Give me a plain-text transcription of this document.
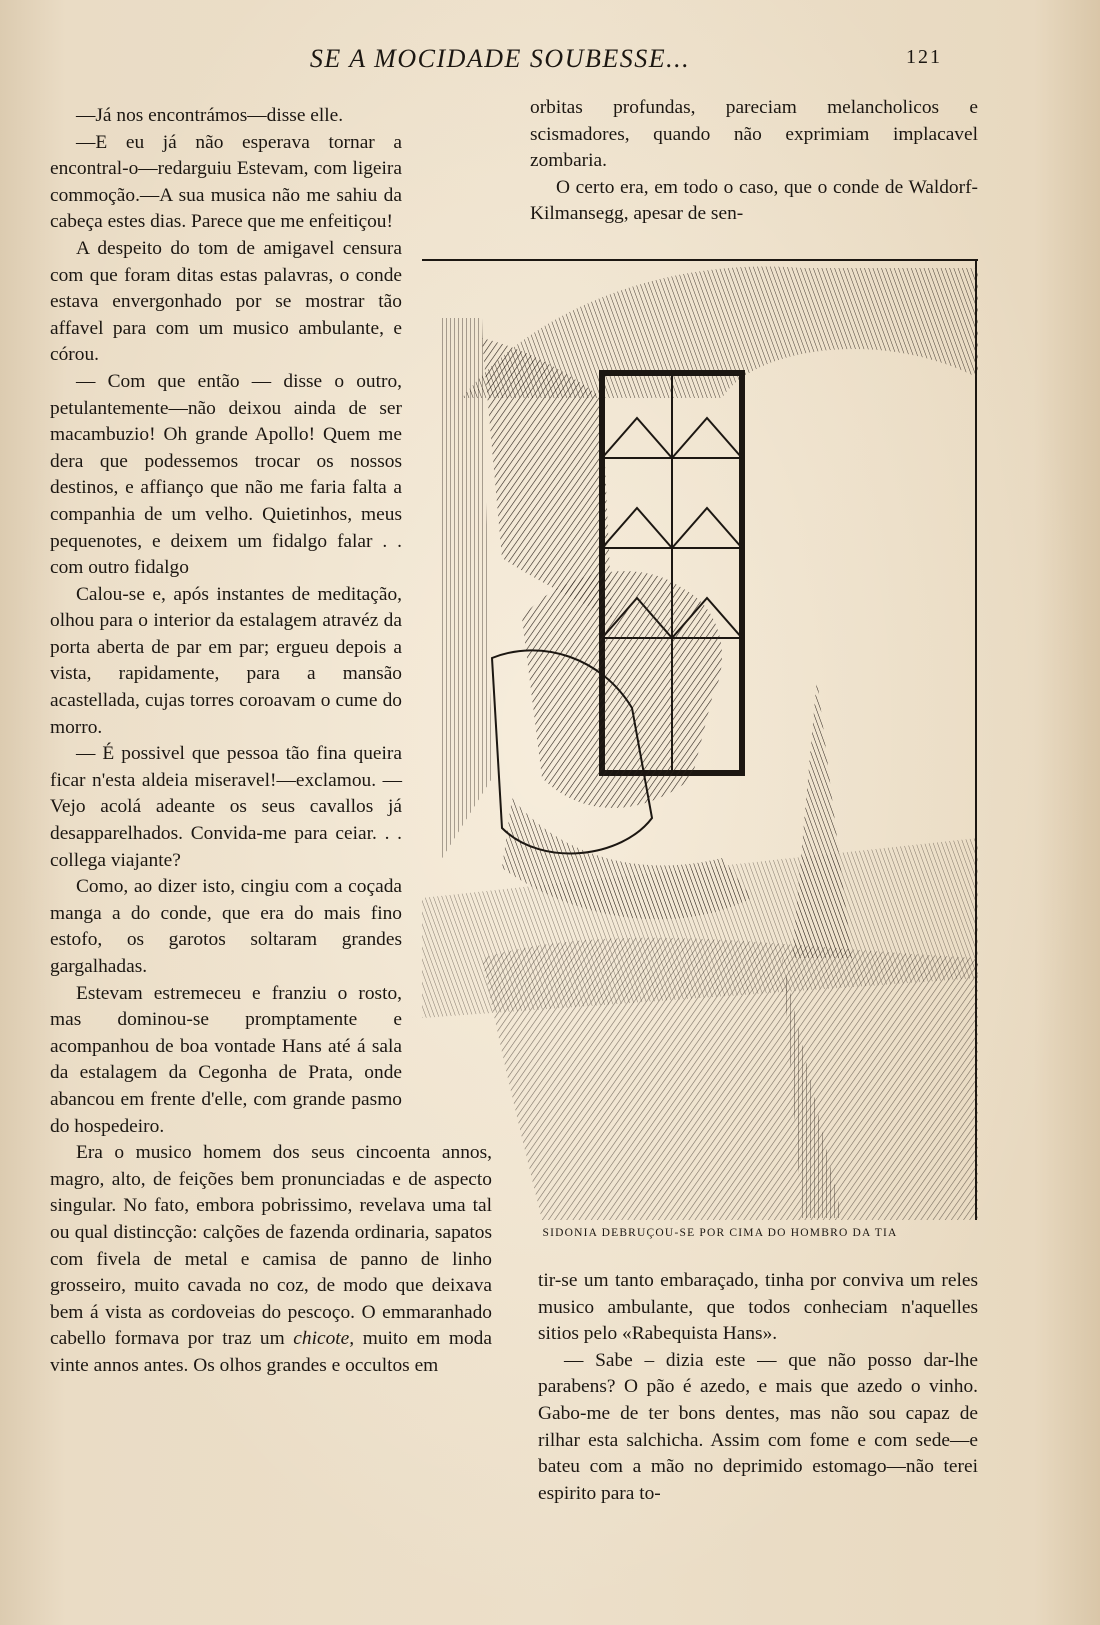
SE A MOCIDADE SOUBESSE...	121

—Já nos encontrámos—disse elle.

—E eu já não esperava tornar a encontral-o—redarguiu Estevam, com ligeira commoção.—A sua musica não me sahiu da cabeça estes dias. Parece que me enfeitiçou!

A despeito do tom de amigavel censura com que foram ditas estas palavras, o conde estava envergonhado por se mostrar tão affavel para com um musico ambulante, e córou.

— Com que então — disse o outro, petulantemente—não deixou ainda de ser macambuzio! Oh grande Apollo! Quem me dera que podessemos trocar os nossos destinos, e affianço que não me faria falta a companhia de um velho. Quietinhos, meus pequenotes, e deixem um fidalgo falar . . com outro fidalgo

Calou-se e, após instantes de meditação, olhou para o interior da estalagem atravéz da porta aberta de par em par; ergueu depois a vista, rapidamente, para a mansão acastellada, cujas torres coroavam o cume do morro.

— É possivel que pessoa tão fina queira ficar n'esta aldeia miseravel!—exclamou. — Vejo acolá adeante os seus cavallos já desapparelhados. Convida-me para ceiar. . . collega viajante?

Como, ao dizer isto, cingiu com a coçada manga a do conde, que era do mais fino estofo, os garotos soltaram grandes gargalhadas.

Estevam estremeceu e franziu o rosto, mas dominou-se promptamente e acompanhou de boa vontade Hans até á sala da estalagem da Cegonha de Prata, onde abancou em frente d'elle, com grande pasmo do hospedeiro.

Era o musico homem dos seus cincoenta annos, magro, alto, de feições bem pronunciadas e de aspecto singular. No fato, embora pobrissimo, revelava uma tal ou qual distincção: calções de fazenda ordinaria, sapatos com fivela de metal e camisa de panno de linho grosseiro, muito cavada no coz, de modo que deixava bem á vista as cordoveias do pescoço. O emmaranhado cabello formava por traz um chicote, muito em moda vinte annos antes. Os olhos grandes e occultos em

orbitas profundas, pareciam melancholicos e scismadores, quando não exprimiam implacavel zombaria.

O certo era, em todo o caso, que o conde de Waldorf-Kilmansegg, apesar de sen-

SIDONIA DEBRUÇOU-SE POR CIMA DO HOMBRO DA TIA

tir-se um tanto embaraçado, tinha por conviva um reles musico ambulante, que todos conheciam n'aquelles sitios pelo «Rabequista Hans».

— Sabe – dizia este — que não posso dar-lhe parabens? O pão é azedo, e mais que azedo o vinho. Gabo-me de ter bons dentes, mas não sou capaz de rilhar esta salchicha. Assim com fome e com sede—e bateu com a mão no deprimido estomago—não terei espirito para to-
